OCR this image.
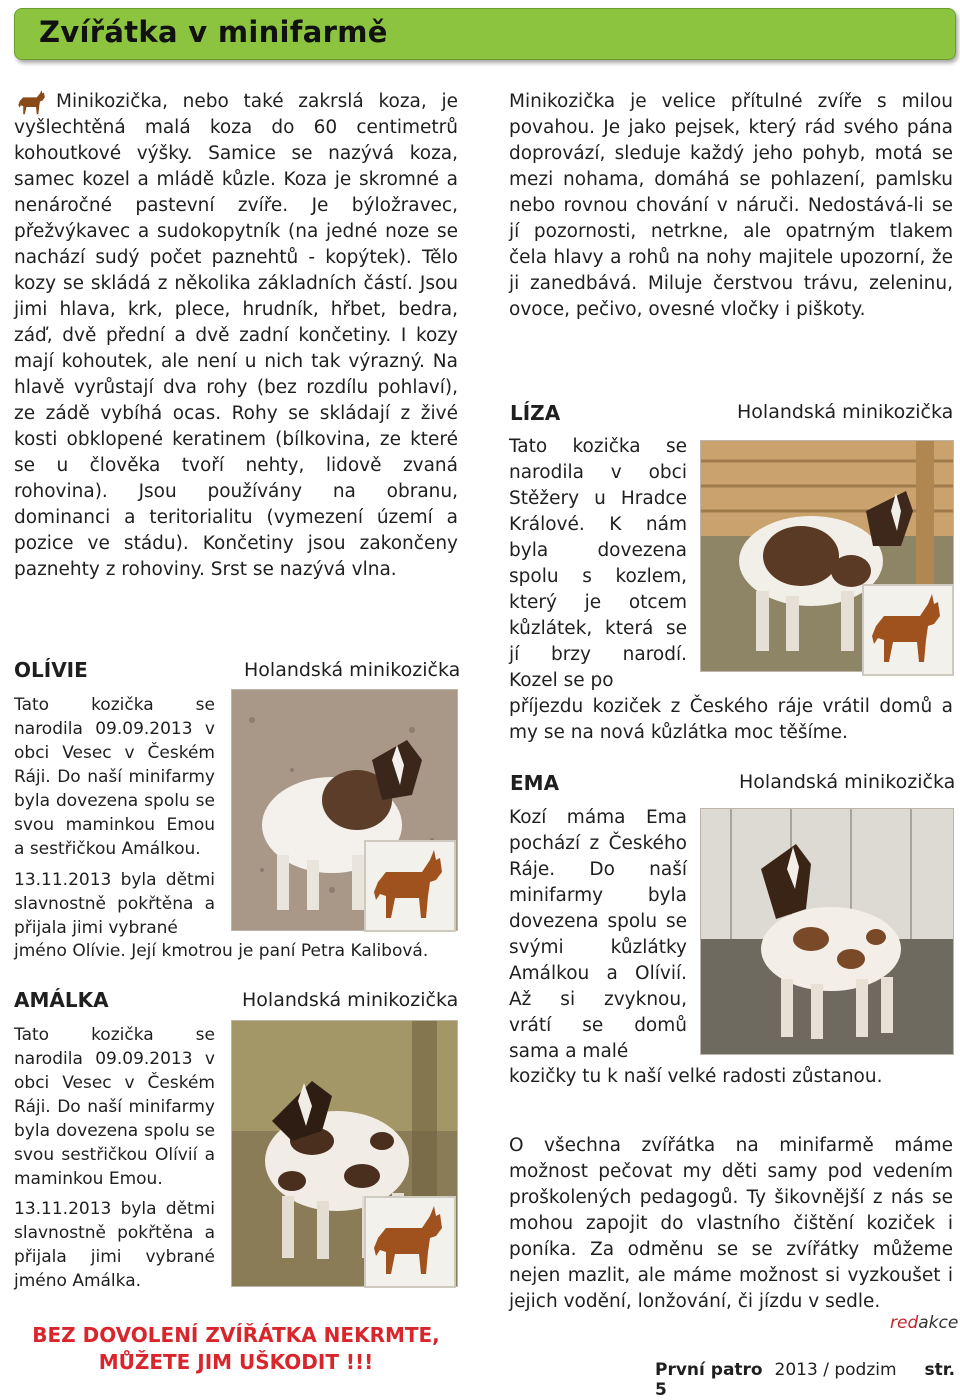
Zvířátka v minifarmě
Minikozička, nebo také zakrslá koza, je vyšlechtěná malá koza do 60 centimetrů kohoutkové výšky. Samice se nazývá koza, samec kozel a mládě kůzle. Koza je skromné a nenáročné pastevní zvíře. Je býložravec, přežvýkavec a sudokopytník (na jedné noze se nachází sudý počet paznehtů - kopýtek). Tělo kozy se skládá z několika základních částí. Jsou jimi hlava, krk, plece, hrudník, hřbet, bedra, záď, dvě přední a dvě zadní končetiny. I kozy mají kohoutek, ale není u nich tak výrazný. Na hlavě vyrůstají dva rohy (bez rozdílu pohlaví), ze zádě vybíhá ocas. Rohy se skládají z živé kosti obklopené keratinem (bílkovina, ze které se u člověka tvoří nehty, lidově zvaná rohovina). Jsou používány na obranu, dominanci a teritorialitu (vymezení území a pozice ve stádu). Končetiny jsou zakončeny paznehty z rohoviny. Srst se nazývá vlna.
Minikozička je velice přítulné zvíře s milou povahou. Je jako pejsek, který rád svého pána doprovází, sleduje každý jeho pohyb, motá se mezi nohama, domáhá se pohlazení, pamlsku nebo rovnou chování v náruči. Nedostává-li se jí pozornosti, netrkne, ale opatrným tlakem čela hlavy a rohů na nohy majitele upozorní, že ji zanedbává. Miluje čerstvou trávu, zeleninu, ovoce, pečivo, ovesné vločky i piškoty.
OLÍVIE	Holandská minikozička
Tato kozička se narodila 09.09.2013 v obci Vesec v Českém Ráji. Do naší minifarmy byla dovezena spolu se svou maminkou Emou a sestřičkou Amálkou.
13.11.2013 byla dětmi slavnostně pokřtěna a přijala jimi vybrané
jméno Olívie. Její kmotrou je paní Petra Kalibová.
AMÁLKA	Holandská minikozička
Tato kozička se narodila 09.09.2013 v obci Vesec v Českém Ráji. Do naší minifarmy byla dovezena spolu se svou sestřičkou Olívií a maminkou Emou.
13.11.2013 byla dětmi slavnostně pokřtěna a přijala jimi vybrané jméno Amálka.
LÍZA	Holandská minikozička
Tato kozička se narodila v obci Stěžery u Hradce Králové. K nám byla dovezena spolu s kozlem, který je otcem kůzlátek, která se jí brzy narodí. Kozel se po
příjezdu koziček z Českého ráje vrátil domů a my se na nová kůzlátka moc těšíme.
EMA	Holandská minikozička
Kozí máma Ema pochází z Českého Ráje. Do naší minifarmy byla dovezena spolu se svými kůzlátky Amálkou a Olívií. Až si zvyknou, vrátí se domů sama a malé
kozičky tu k naší velké radosti zůstanou.
O všechna zvířátka na minifarmě máme možnost pečovat my děti samy pod vedením proškolených pedagogů. Ty šikovnější z nás se mohou zapojit do vlastního čištění koziček i poníka. Za odměnu se se zvířátky můžeme nejen mazlit, ale máme možnost si vyzkoušet i jejich vodění, lonžování, či jízdu v sedle.
redakce
BEZ DOVOLENÍ ZVÍŘÁTKA NEKRMTE,
MŮŽETE JIM UŠKODIT !!!	První patro 2013 / podzim str. 5
